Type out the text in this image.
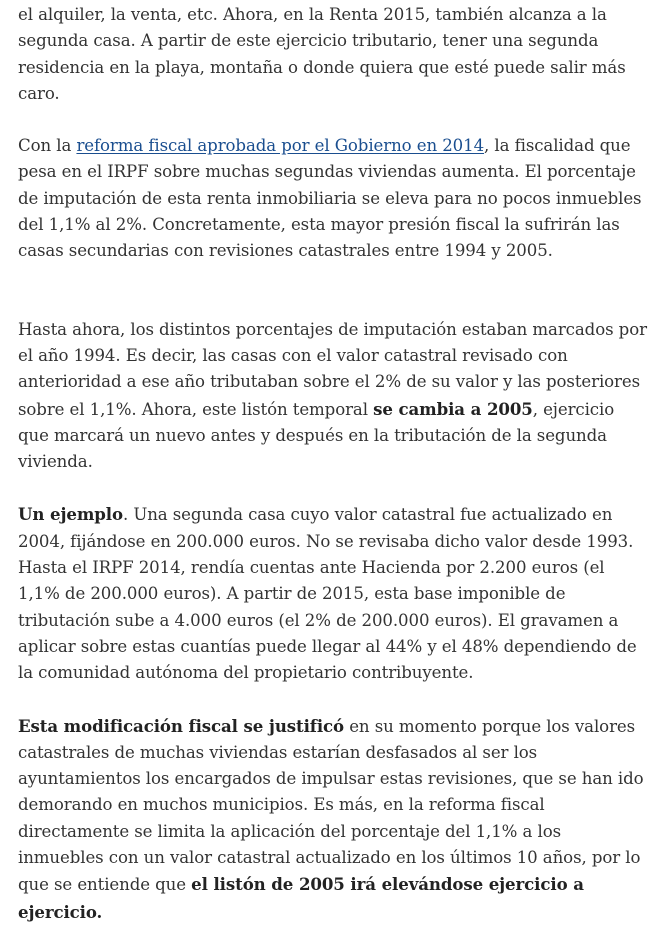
el alquiler, la venta, etc. Ahora, en la Renta 2015, también alcanza a la segunda casa. A partir de este ejercicio tributario, tener una segunda residencia en la playa, montaña o donde quiera que esté puede salir más caro.

Con la reforma fiscal aprobada por el Gobierno en 2014, la fiscalidad que pesa en el IRPF sobre muchas segundas viviendas aumenta. El porcentaje de imputación de esta renta inmobiliaria se eleva para no pocos inmuebles del 1,1% al 2%. Concretamente, esta mayor presión fiscal la sufrirán las casas secundarias con revisiones catastrales entre 1994 y 2005.

Hasta ahora, los distintos porcentajes de imputación estaban marcados por el año 1994. Es decir, las casas con el valor catastral revisado con anterioridad a ese año tributaban sobre el 2% de su valor y las posteriores sobre el 1,1%. Ahora, este listón temporal se cambia a 2005, ejercicio que marcará un nuevo antes y después en la tributación de la segunda vivienda.

Un ejemplo. Una segunda casa cuyo valor catastral fue actualizado en 2004, fijándose en 200.000 euros. No se revisaba dicho valor desde 1993. Hasta el IRPF 2014, rendía cuentas ante Hacienda por 2.200 euros (el 1,1% de 200.000 euros). A partir de 2015, esta base imponible de tributación sube a 4.000 euros (el 2% de 200.000 euros). El gravamen a aplicar sobre estas cuantías puede llegar al 44% y el 48% dependiendo de la comunidad autónoma del propietario contribuyente.

Esta modificación fiscal se justificó en su momento porque los valores catastrales de muchas viviendas estarían desfasados al ser los ayuntamientos los encargados de impulsar estas revisiones, que se han ido demorando en muchos municipios. Es más, en la reforma fiscal directamente se limita la aplicación del porcentaje del 1,1% a los inmuebles con un valor catastral actualizado en los últimos 10 años, por lo que se entiende que el listón de 2005 irá elevándose ejercicio a ejercicio.
